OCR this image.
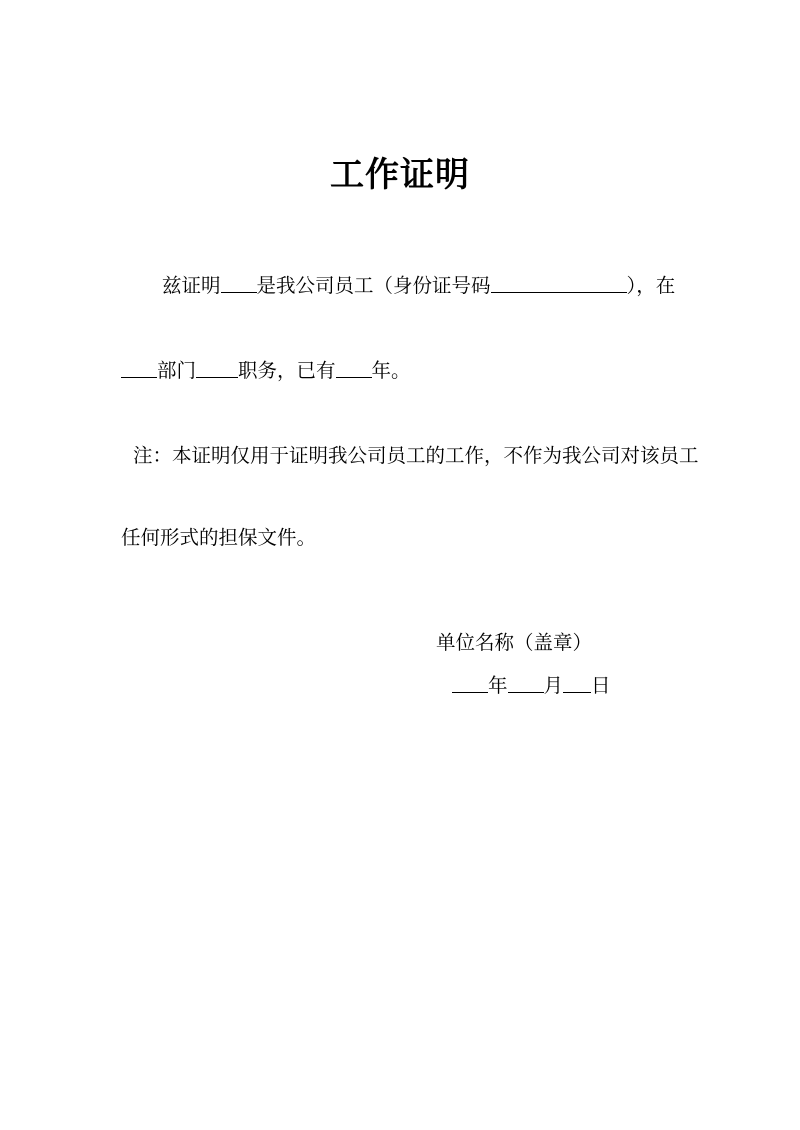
工作证明

兹证明 是我公司员工（身份证号码	），在

部门 职务，已有 年。

注：本证明仅用于证明我公司员工的工作，不作为我公司对该员工

任何形式的担保文件。

单位名称（盖章）

年 月 日
